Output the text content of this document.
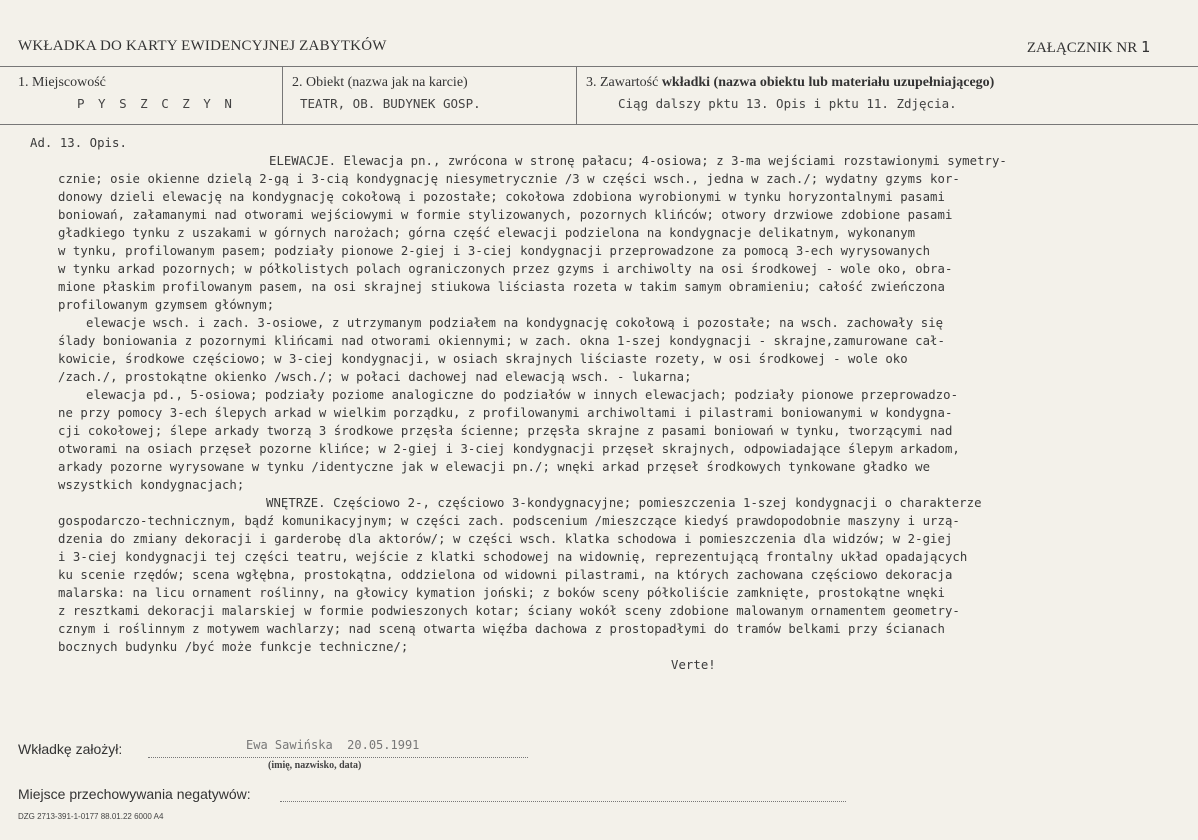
WKŁADKA DO KARTY EWIDENCYJNEJ ZABYTKÓW	ZAŁĄCZNIK NR 1
1. Miejscowość
P Y S Z C Z Y N
2. Obiekt (nazwa jak na karcie)
TEATR, OB. BUDYNEK GOSP.
3. Zawartość wkładki (nazwa obiektu lub materiału uzupełniającego)
Ciąg dalszy pktu 13. Opis i pktu 11. Zdjęcia.
Ad. 13. Opis.
ELEWACJE. Elewacja pn., zwrócona w stronę pałacu; 4-osiowa; z 3-ma wejściami rozstawionymi symetry-
cznie; osie okienne dzielą 2-gą i 3-cią kondygnację niesymetrycznie /3 w części wsch., jedna w zach./; wydatny gzyms kor-
donowy dzieli elewację na kondygnację cokołową i pozostałe; cokołowa zdobiona wyrobionymi w tynku horyzontalnymi pasami
boniowań, załamanymi nad otworami wejściowymi w formie stylizowanych, pozornych klińców; otwory drzwiowe zdobione pasami
gładkiego tynku z uszakami w górnych narożach; górna część elewacji podzielona na kondygnacje delikatnym, wykonanym
w tynku, profilowanym pasem; podziały pionowe 2-giej i 3-ciej kondygnacji przeprowadzone za pomocą 3-ech wyrysowanych
w tynku arkad pozornych; w półkolistych polach ograniczonych przez gzyms i archiwolty na osi środkowej - wole oko, obra-
mione płaskim profilowanym pasem, na osi skrajnej stiukowa liściasta rozeta w takim samym obramieniu; całość zwieńczona
profilowanym gzymsem głównym;
elewacje wsch. i zach. 3-osiowe, z utrzymanym podziałem na kondygnację cokołową i pozostałe; na wsch. zachowały się
ślady boniowania z pozornymi klińcami nad otworami okiennymi; w zach. okna 1-szej kondygnacji - skrajne,zamurowane cał-
kowicie, środkowe częściowo; w 3-ciej kondygnacji, w osiach skrajnych liściaste rozety, w osi środkowej - wole oko
/zach./, prostokątne okienko /wsch./; w połaci dachowej nad elewacją wsch. - lukarna;
elewacja pd., 5-osiowa; podziały poziome analogiczne do podziałów w innych elewacjach; podziały pionowe przeprowadzo-
ne przy pomocy 3-ech ślepych arkad w wielkim porządku, z profilowanymi archiwoltami i pilastrami boniowanymi w kondygna-
cji cokołowej; ślepe arkady tworzą 3 środkowe przęsła ścienne; przęsła skrajne z pasami boniowań w tynku, tworzącymi nad
otworami na osiach przęseł pozorne klińce; w 2-giej i 3-ciej kondygnacji przęseł skrajnych, odpowiadające ślepym arkadom,
arkady pozorne wyrysowane w tynku /identyczne jak w elewacji pn./; wnęki arkad przęseł środkowych tynkowane gładko we
wszystkich kondygnacjach;
WNĘTRZE. Częściowo 2-, częściowo 3-kondygnacyjne; pomieszczenia 1-szej kondygnacji o charakterze
gospodarczo-technicznym, bądź komunikacyjnym; w części zach. podscenium /mieszczące kiedyś prawdopodobnie maszyny i urzą-
dzenia do zmiany dekoracji i garderobę dla aktorów/; w części wsch. klatka schodowa i pomieszczenia dla widzów; w 2-giej
i 3-ciej kondygnacji tej części teatru, wejście z klatki schodowej na widownię, reprezentującą frontalny układ opadających
ku scenie rzędów; scena wgłębna, prostokątna, oddzielona od widowni pilastrami, na których zachowana częściowo dekoracja
malarska: na licu ornament roślinny, na głowicy kymation joński; z boków sceny półkoliście zamknięte, prostokątne wnęki
z resztkami dekoracji malarskiej w formie podwieszonych kotar; ściany wokół sceny zdobione malowanym ornamentem geometry-
cznym i roślinnym z motywem wachlarzy; nad sceną otwarta więźba dachowa z prostopadłymi do tramów belkami przy ścianach
bocznych budynku /być może funkcje techniczne/;
Verte!
Wkładkę założył:	Ewa Sawińska  20.05.1991
(imię, nazwisko, data)
Miejsce przechowywania negatywów:
DZG 2713-391-1-0177 88.01.22 6000 A4
